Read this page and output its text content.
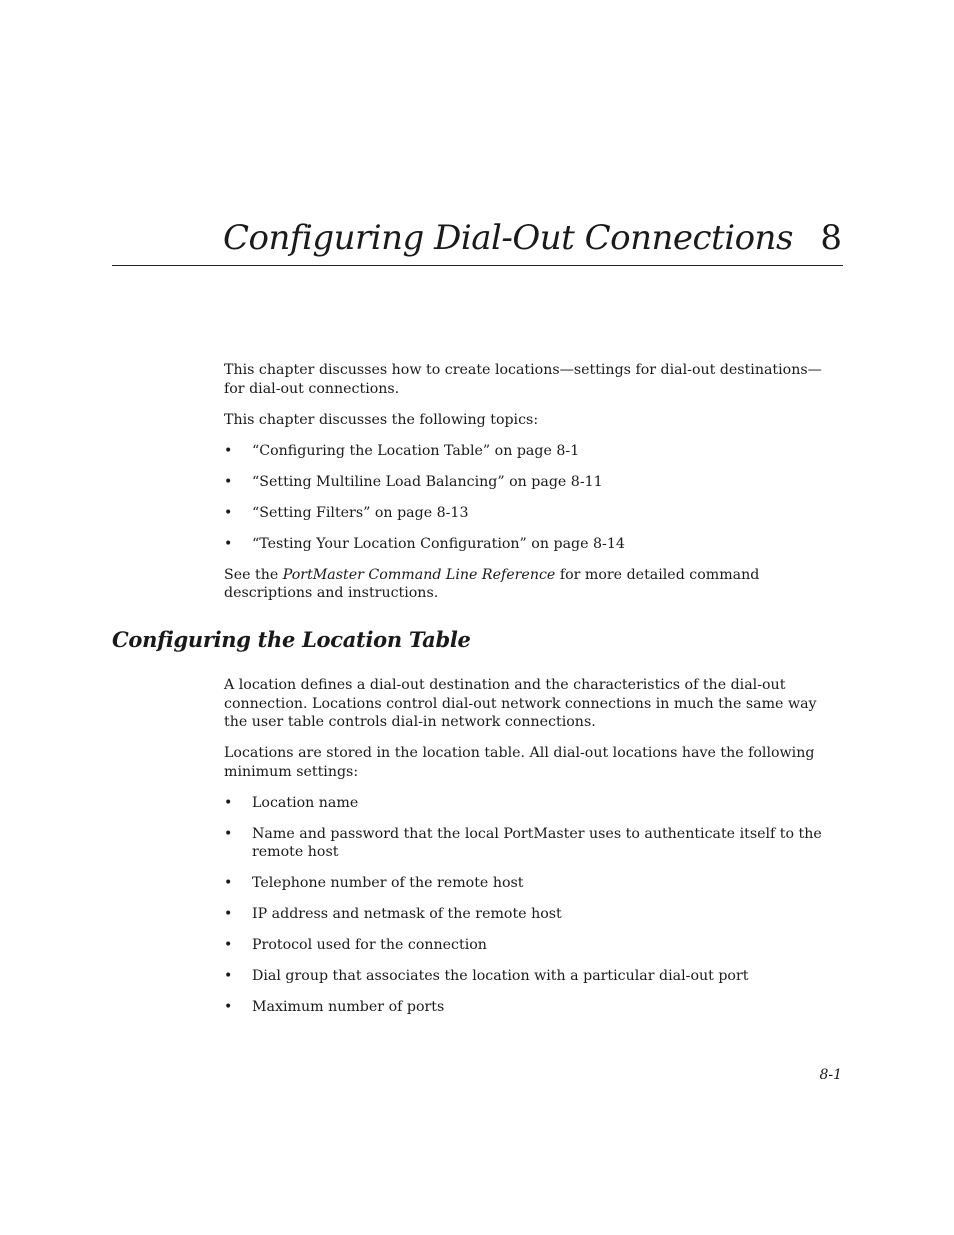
Configuring Dial-Out Connections 8

This chapter discusses how to create locations—settings for dial-out destinations—for dial-out connections.

This chapter discusses the following topics:

• “Configuring the Location Table” on page 8-1
• “Setting Multiline Load Balancing” on page 8-11
• “Setting Filters” on page 8-13
• “Testing Your Location Configuration” on page 8-14

See the PortMaster Command Line Reference for more detailed command descriptions and instructions.

Configuring the Location Table

A location defines a dial-out destination and the characteristics of the dial-out connection. Locations control dial-out network connections in much the same way the user table controls dial-in network connections.

Locations are stored in the location table. All dial-out locations have the following minimum settings:

• Location name
• Name and password that the local PortMaster uses to authenticate itself to the remote host
• Telephone number of the remote host
• IP address and netmask of the remote host
• Protocol used for the connection
• Dial group that associates the location with a particular dial-out port
• Maximum number of ports
8-1
